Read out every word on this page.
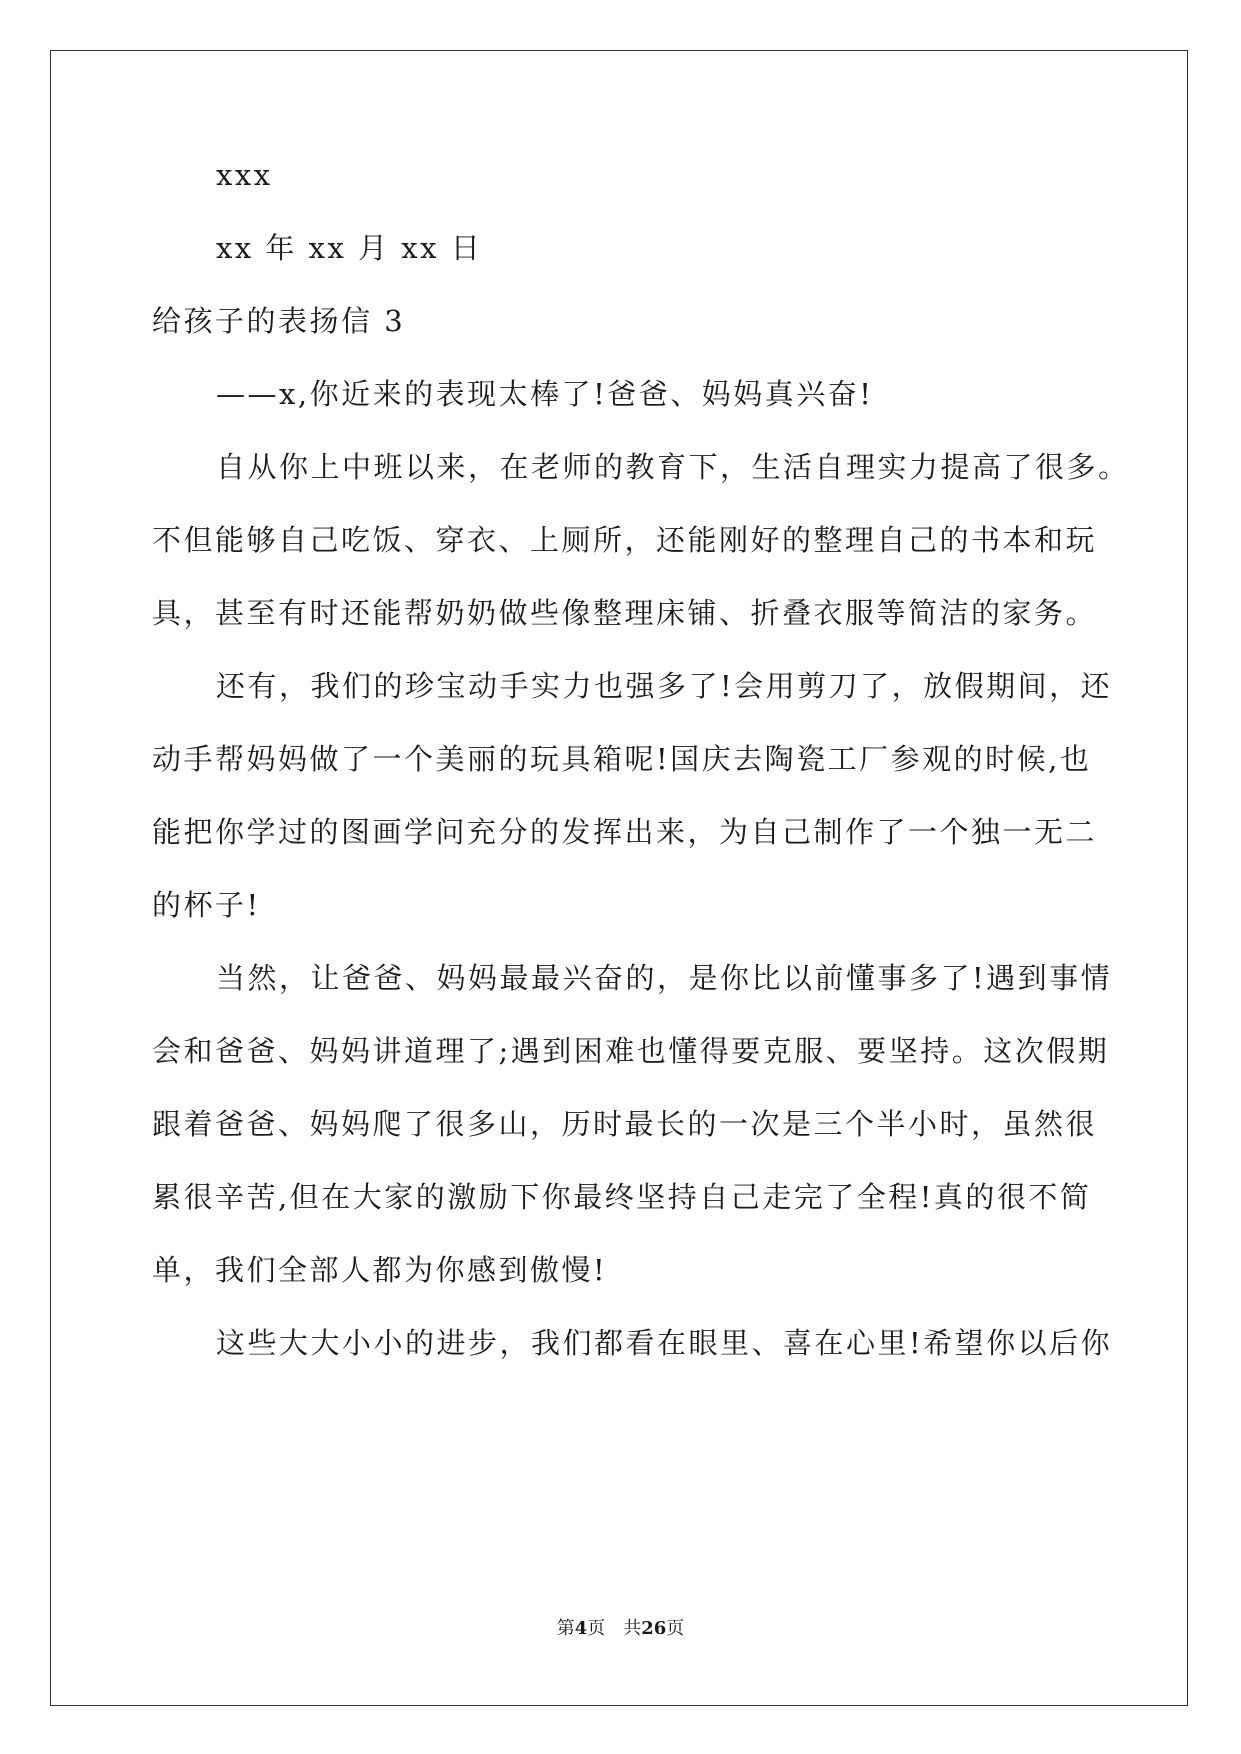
xxx
xx 年 xx 月 xx 日
给孩子的表扬信 3
——x,你近来的表现太棒了!爸爸、妈妈真兴奋!
自从你上中班以来，在老师的教育下，生活自理实力提高了很多。
不但能够自己吃饭、穿衣、上厕所，还能刚好的整理自己的书本和玩
具，甚至有时还能帮奶奶做些像整理床铺、折叠衣服等简洁的家务。
还有，我们的珍宝动手实力也强多了!会用剪刀了，放假期间，还
动手帮妈妈做了一个美丽的玩具箱呢!国庆去陶瓷工厂参观的时候,也
能把你学过的图画学问充分的发挥出来，为自己制作了一个独一无二
的杯子!
当然，让爸爸、妈妈最最兴奋的，是你比以前懂事多了!遇到事情
会和爸爸、妈妈讲道理了;遇到困难也懂得要克服、要坚持。这次假期
跟着爸爸、妈妈爬了很多山，历时最长的一次是三个半小时，虽然很
累很辛苦,但在大家的激励下你最终坚持自己走完了全程!真的很不简
单，我们全部人都为你感到傲慢!
这些大大小小的进步，我们都看在眼里、喜在心里!希望你以后你
第4页　共26页
